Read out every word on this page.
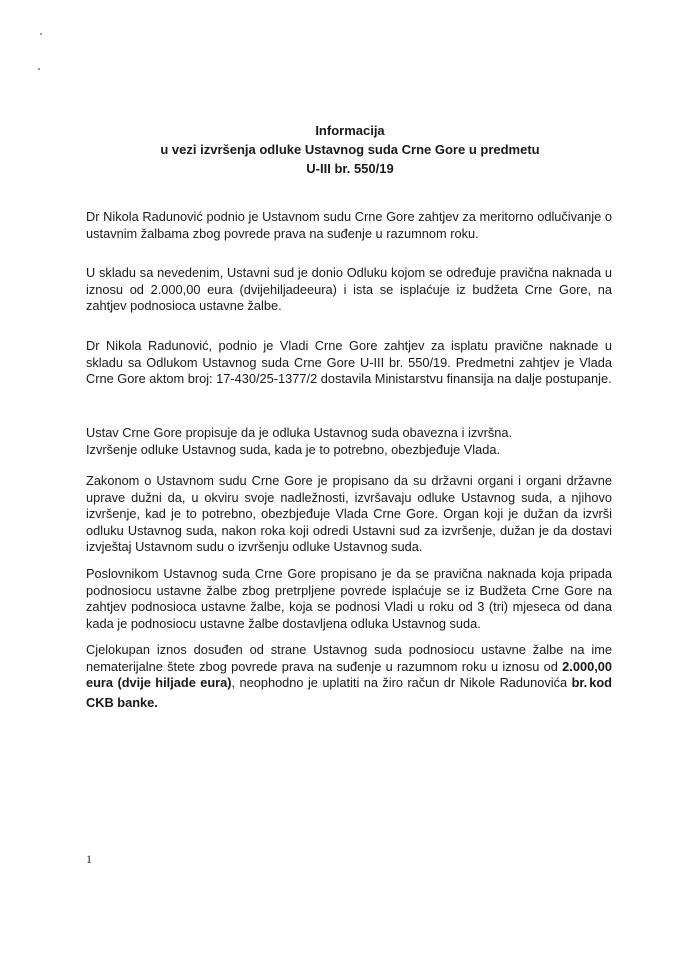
Informacija
u vezi izvršenja odluke Ustavnog suda Crne Gore u predmetu
U-III br. 550/19

Dr Nikola Radunović podnio je Ustavnom sudu Crne Gore zahtjev za meritorno odlučivanje o ustavnim žalbama zbog povrede prava na suđenje u razumnom roku.

U skladu sa nevedenim, Ustavni sud je donio Odluku kojom se određuje pravična naknada u iznosu od 2.000,00 eura (dvijehiljadeeura) i ista se isplaćuje iz budžeta Crne Gore, na zahtjev podnosioca ustavne žalbe.

Dr Nikola Radunović, podnio je Vladi Crne Gore zahtjev za isplatu pravične naknade u skladu sa Odlukom Ustavnog suda Crne Gore U-III br. 550/19. Predmetni zahtjev je Vlada Crne Gore aktom broj: 17-430/25-1377/2 dostavila Ministarstvu finansija na dalje postupanje.

Ustav Crne Gore propisuje da je odluka Ustavnog suda obavezna i izvršna.
Izvršenje odluke Ustavnog suda, kada je to potrebno, obezbjeđuje Vlada.

Zakonom o Ustavnom sudu Crne Gore je propisano da su državni organi i organi državne uprave dužni da, u okviru svoje nadležnosti, izvršavaju odluke Ustavnog suda, a njihovo izvršenje, kad je to potrebno, obezbjeđuje Vlada Crne Gore. Organ koji je dužan da izvrši odluku Ustavnog suda, nakon roka koji odredi Ustavni sud za izvršenje, dužan je da dostavi izvještaj Ustavnom sudu o izvršenju odluke Ustavnog suda.

Poslovnikom Ustavnog suda Crne Gore propisano je da se pravična naknada koja pripada podnosiocu ustavne žalbe zbog pretrpljene povrede isplaćuje se iz Budžeta Crne Gore na zahtjev podnosioca ustavne žalbe, koja se podnosi Vladi u roku od 3 (tri) mjeseca od dana kada je podnosiocu ustavne žalbe dostavljena odluka Ustavnog suda.

Cjelokupan iznos dosuđen od strane Ustavnog suda podnosiocu ustavne žalbe na ime nematerijalne štete zbog povrede prava na suđenje u razumnom roku u iznosu od 2.000,00 eura (dvije hiljade eura), neophodno je uplatiti na žiro račun dr Nikole Radunovića br. kod CKB banke.

1
